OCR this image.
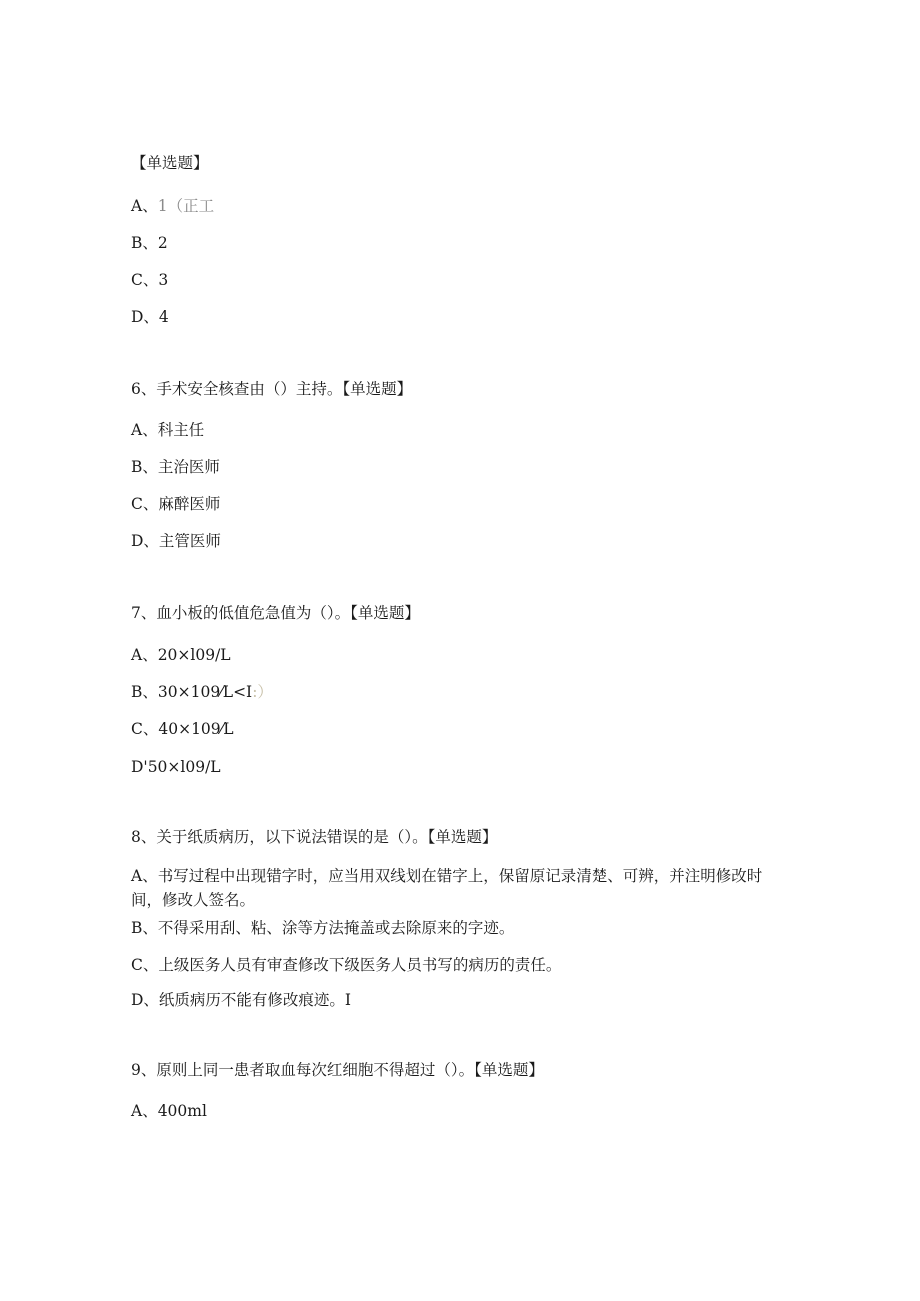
【单选题】
A、1（正工
B、2
C、3
D、4
6、手术安全核查由（）主持。【单选题】
A、科主任
B、主治医师
C、麻醉医师
D、主管医师
7、血小板的低值危急值为（）。【单选题】
A、20×l09/L
B、30×109⁄L<I:）
C、40×109⁄L
D'50×l09/L
8、关于纸质病历，以下说法错误的是（）。【单选题】
A、书写过程中出现错字时，应当用双线划在错字上，保留原记录清楚、可辨，并注明修改时间，修改人签名。
B、不得采用刮、粘、涂等方法掩盖或去除原来的字迹。
C、上级医务人员有审查修改下级医务人员书写的病历的责任。
D、纸质病历不能有修改痕迹。I
9、原则上同一患者取血每次红细胞不得超过（）。【单选题】
A、400ml
